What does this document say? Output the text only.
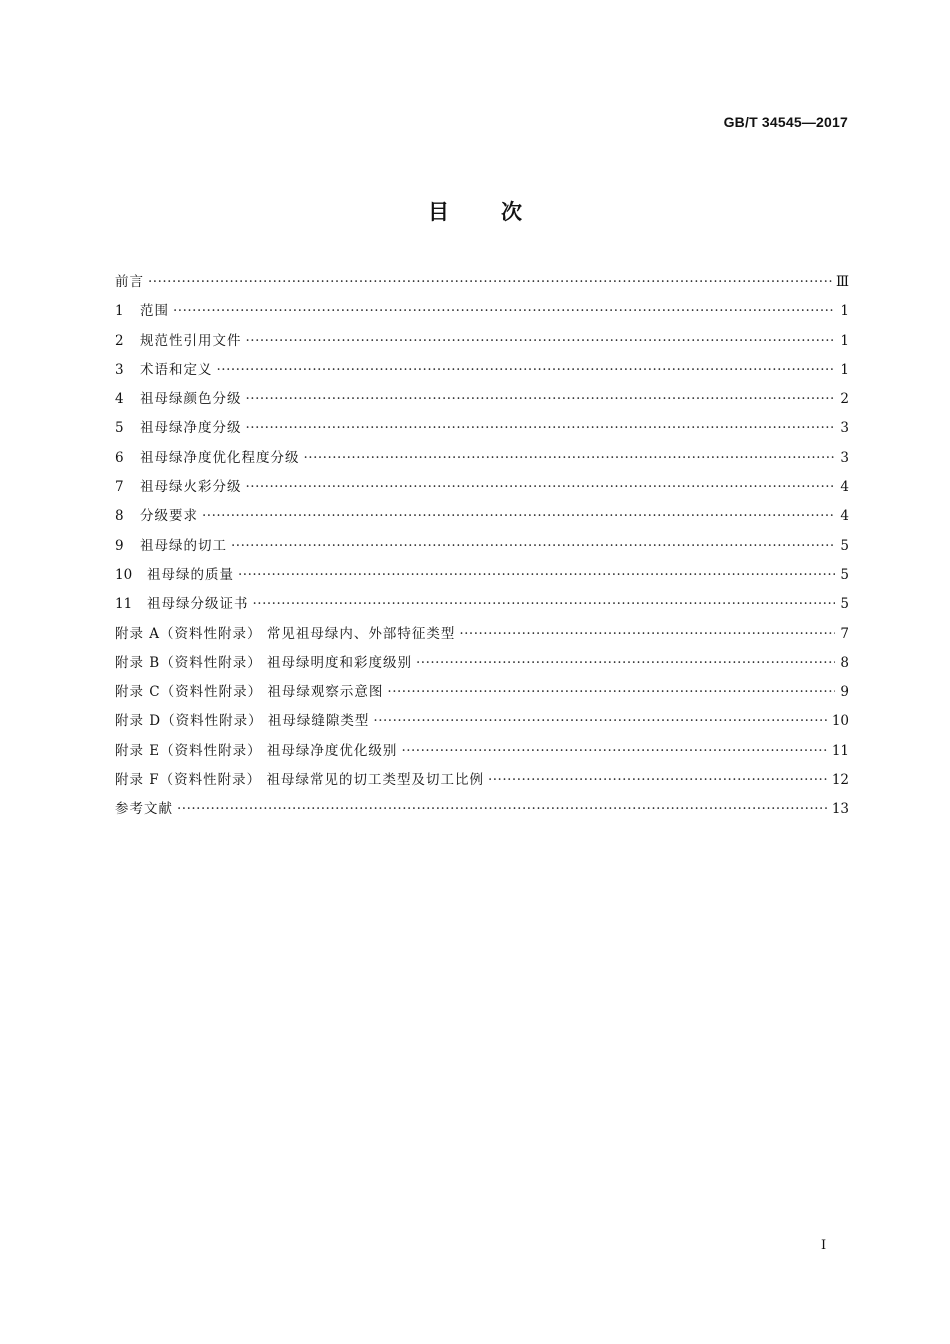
GB/T 34545—2017
目次
前言 ·····	Ⅲ
1	范围 ·····	1
2	规范性引用文件 ·····	1
3	术语和定义 ·····	1
4	祖母绿颜色分级 ·····	2
5	祖母绿净度分级 ·····	3
6	祖母绿净度优化程度分级 ·····	3
7	祖母绿火彩分级 ·····	4
8	分级要求 ·····	4
9	祖母绿的切工 ·····	5
10	祖母绿的质量 ·····	5
11	祖母绿分级证书 ·····	5
附录 A（资料性附录） 常见祖母绿内、外部特征类型 ·····	7
附录 B（资料性附录） 祖母绿明度和彩度级别 ·····	8
附录 C（资料性附录） 祖母绿观察示意图 ·····	9
附录 D（资料性附录） 祖母绿缝隙类型 ·····	10
附录 E（资料性附录） 祖母绿净度优化级别 ·····	11
附录 F（资料性附录） 祖母绿常见的切工类型及切工比例 ·····	12
参考文献 ·····	13
Ⅰ
